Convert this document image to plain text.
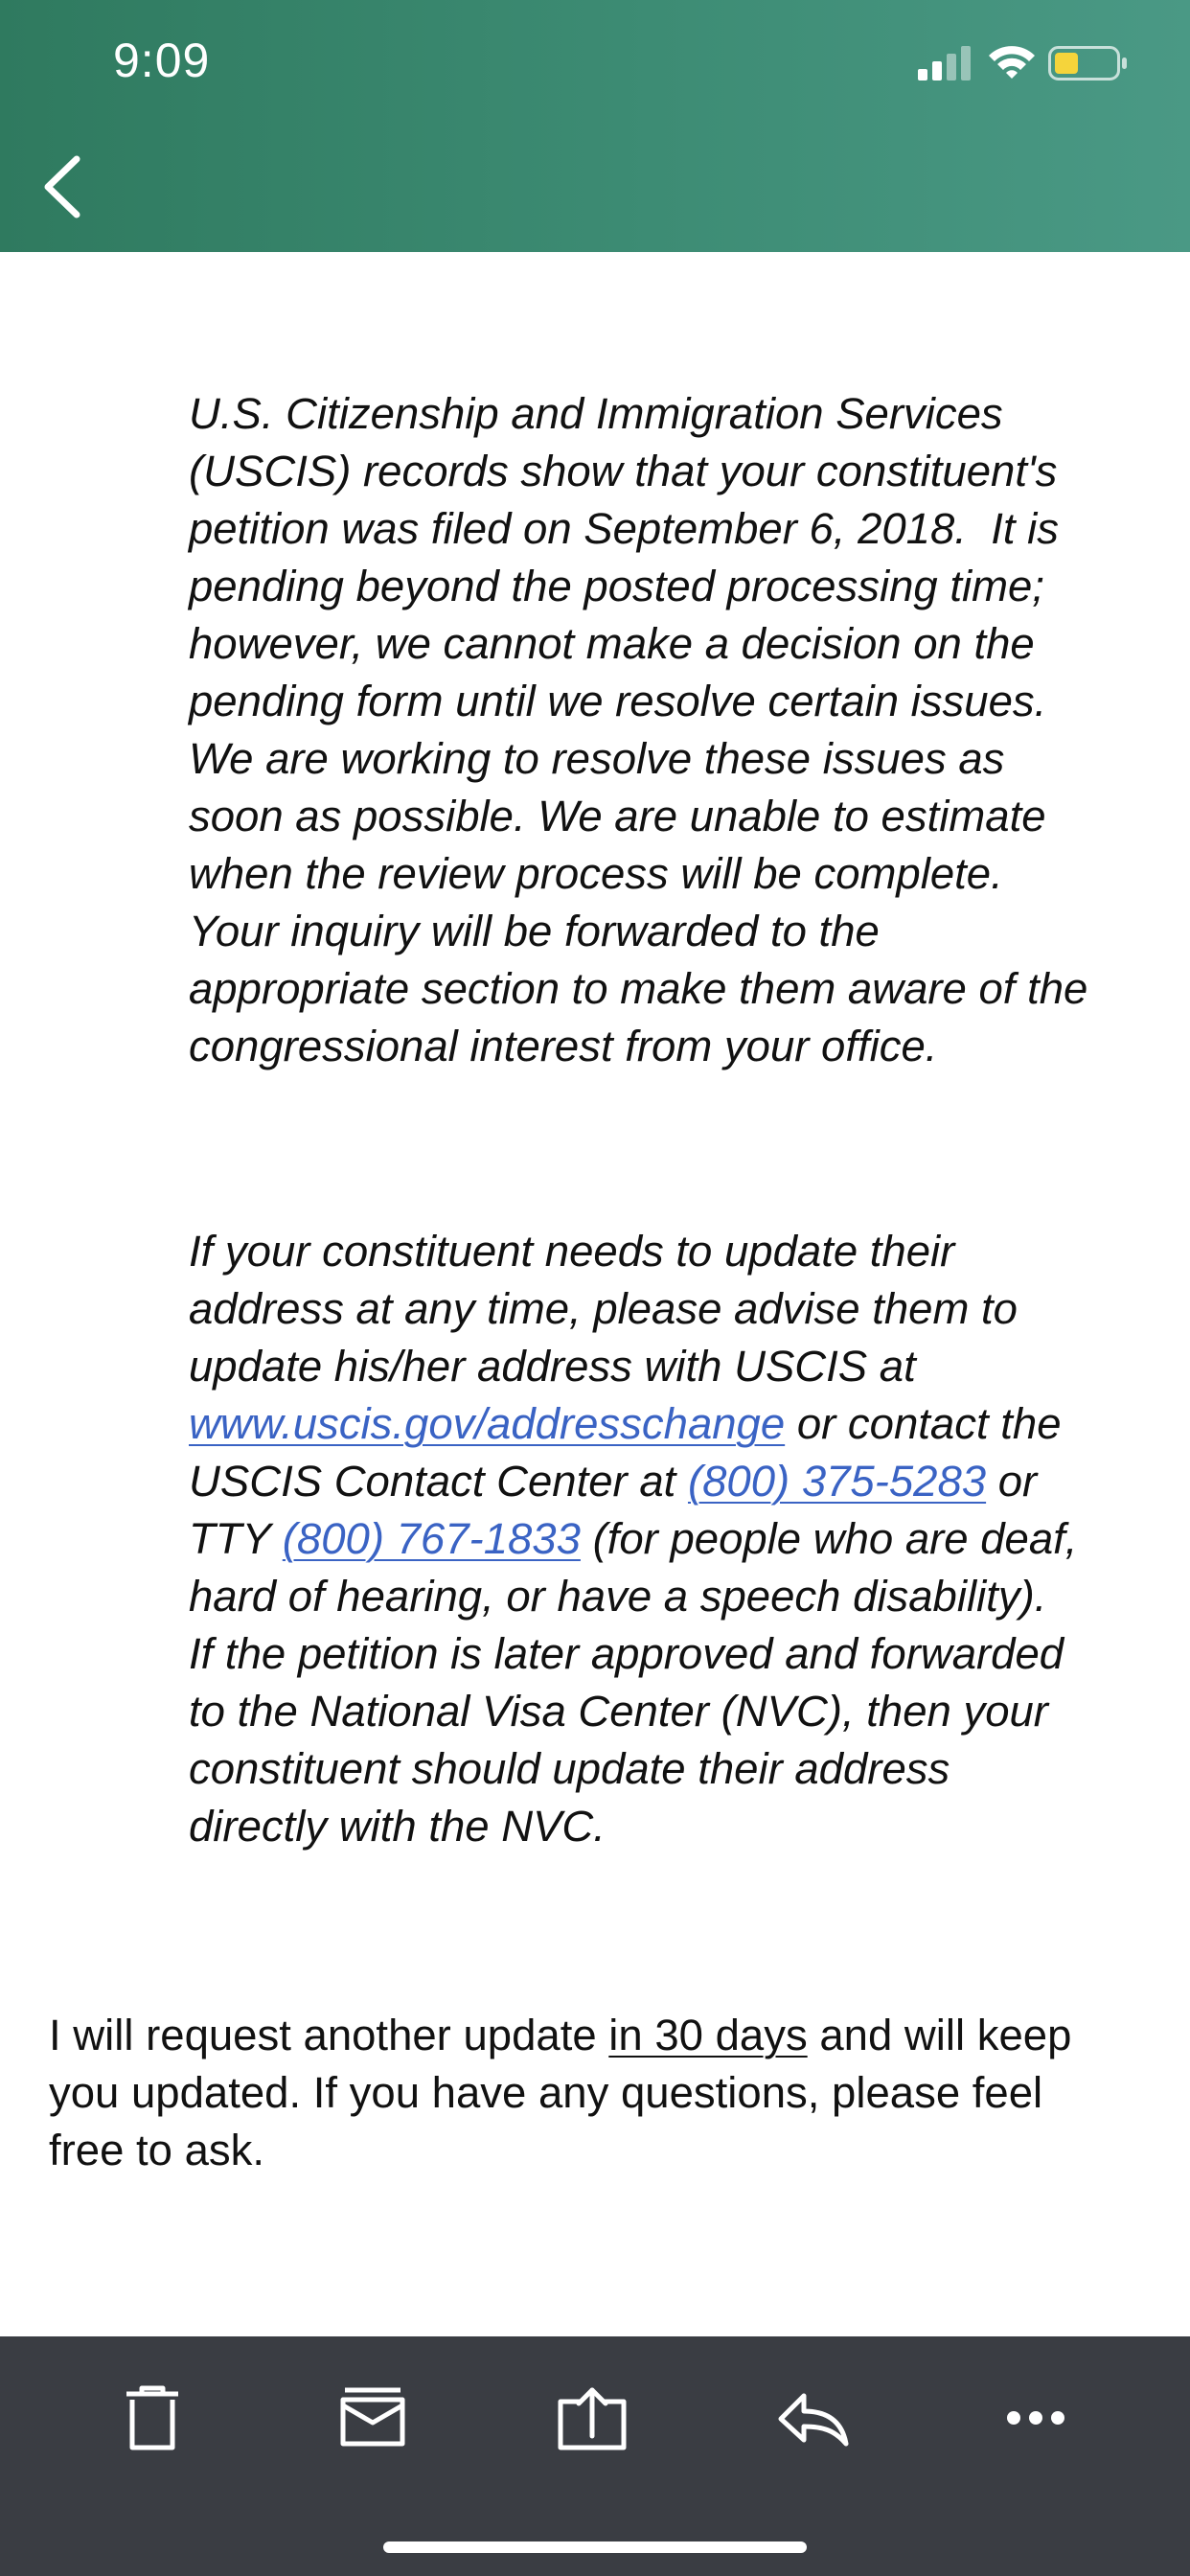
9:09
U.S. Citizenship and Immigration Services
(USCIS) records show that your constituent's
petition was filed on September 6, 2018.  It is
pending beyond the posted processing time;
however, we cannot make a decision on the
pending form until we resolve certain issues.
We are working to resolve these issues as
soon as possible. We are unable to estimate
when the review process will be complete.
Your inquiry will be forwarded to the
appropriate section to make them aware of the
congressional interest from your office.
If your constituent needs to update their
address at any time, please advise them to
update his/her address with USCIS at
www.uscis.gov/addresschange or contact the
USCIS Contact Center at (800) 375-5283 or
TTY (800) 767-1833 (for people who are deaf,
hard of hearing, or have a speech disability).
If the petition is later approved and forwarded
to the National Visa Center (NVC), then your
constituent should update their address
directly with the NVC.
I will request another update in 30 days and will keep
you updated. If you have any questions, please feel
free to ask.
